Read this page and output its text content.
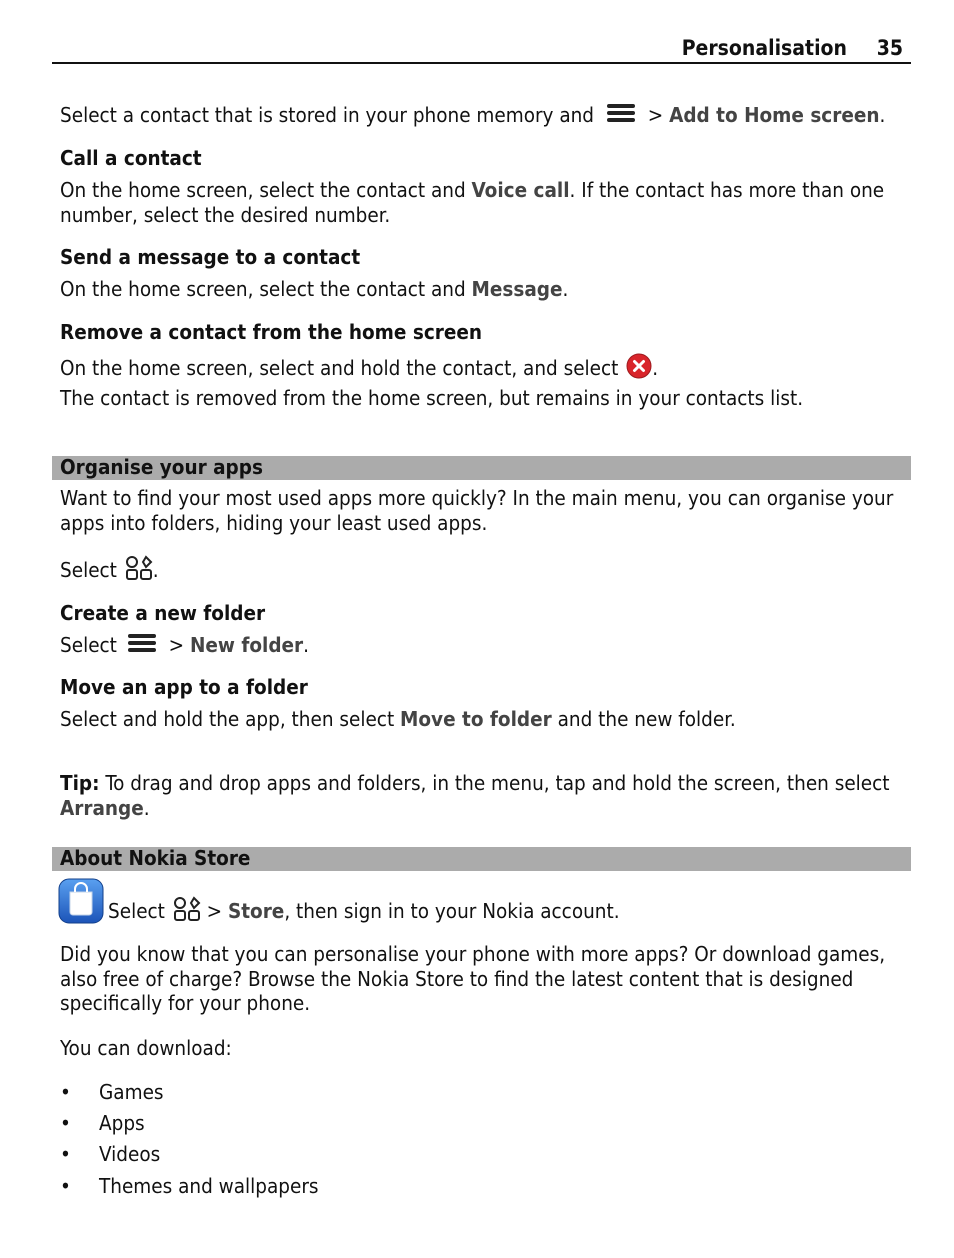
Personalisation 35
Select a contact that is stored in your phone memory and  > Add to Home screen.
Call a contact
On the home screen, select the contact and Voice call. If the contact has more than one number, select the desired number.
Send a message to a contact
On the home screen, select the contact and Message.
Remove a contact from the home screen
On the home screen, select and hold the contact, and select .
The contact is removed from the home screen, but remains in your contacts list.
Organise your apps
Want to find your most used apps more quickly? In the main menu, you can organise your apps into folders, hiding your least used apps.
Select .
Create a new folder
Select  > New folder.
Move an app to a folder
Select and hold the app, then select Move to folder and the new folder.
Tip: To drag and drop apps and folders, in the menu, tap and hold the screen, then select Arrange.
About Nokia Store
Select  > Store, then sign in to your Nokia account.
Did you know that you can personalise your phone with more apps? Or download games, also free of charge? Browse the Nokia Store to find the latest content that is designed specifically for your phone.
You can download:
• Games
• Apps
• Videos
• Themes and wallpapers
